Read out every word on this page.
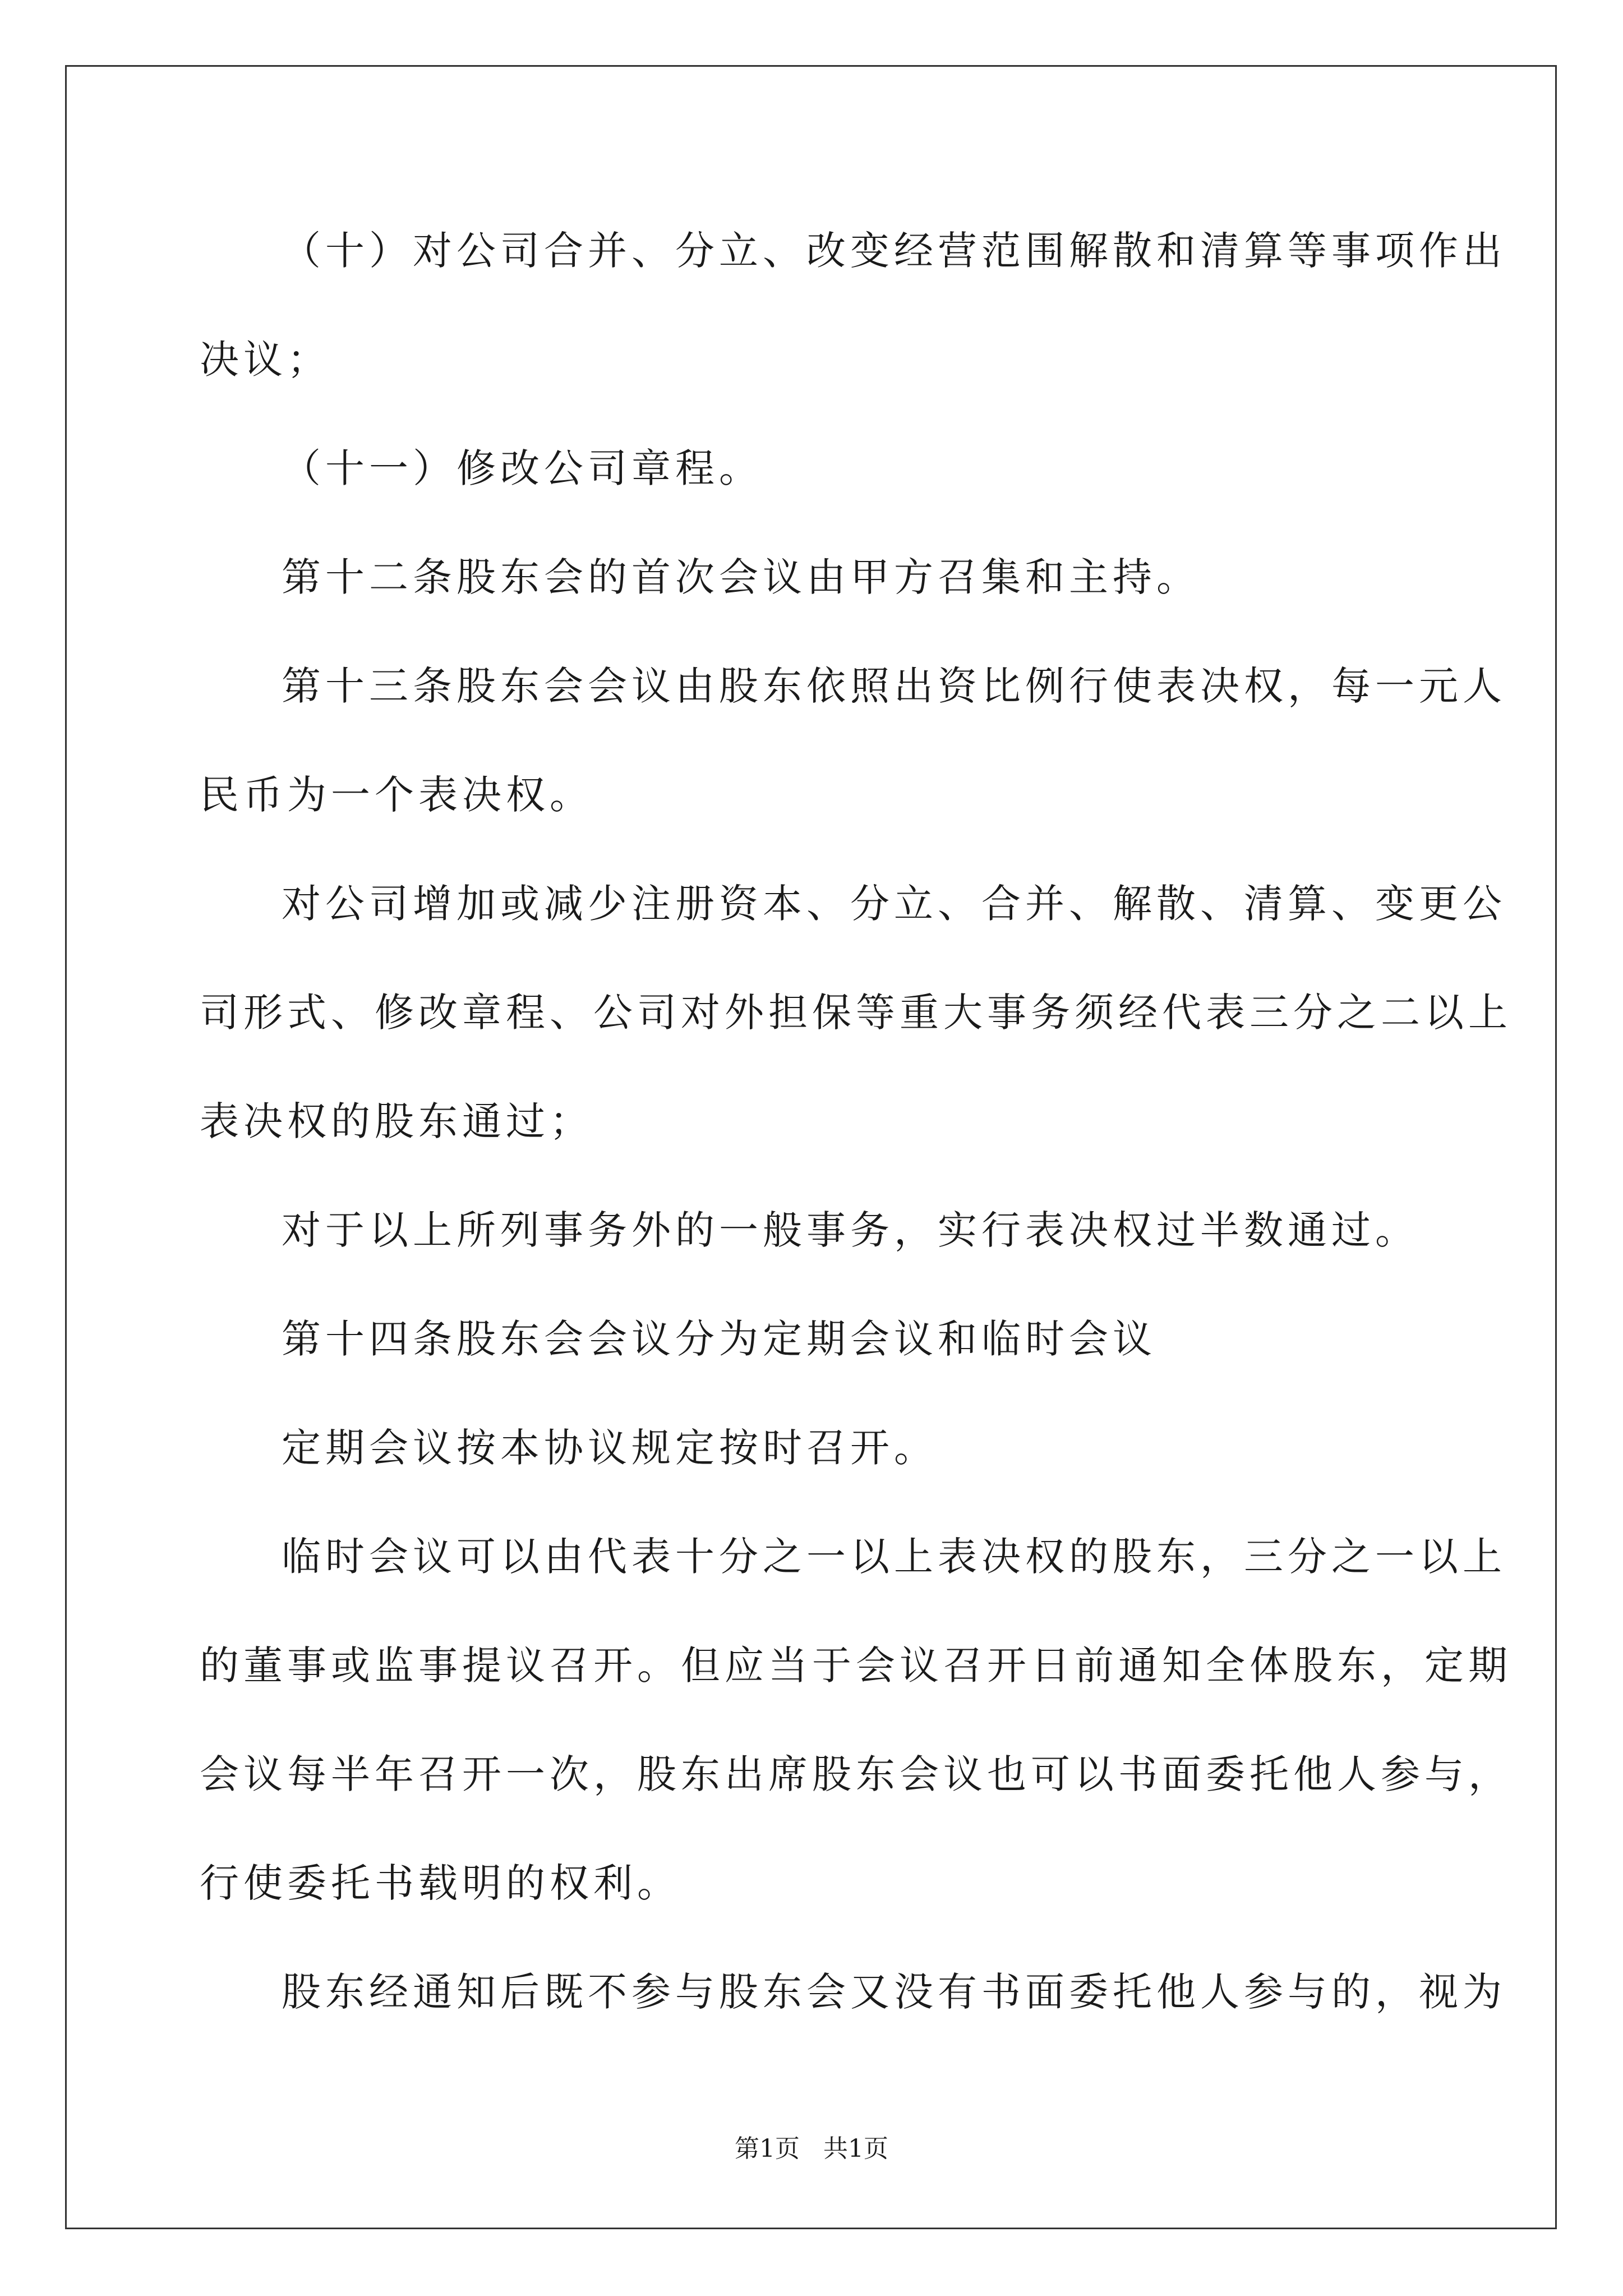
（十）对公司合并、分立、改变经营范围解散和清算等事项作出

决议；

（十一）修改公司章程。

第十二条股东会的首次会议由甲方召集和主持。

第十三条股东会会议由股东依照出资比例行使表决权，每一元人

民币为一个表决权。

对公司增加或减少注册资本、分立、合并、解散、清算、变更公

司形式、修改章程、公司对外担保等重大事务须经代表三分之二以上

表决权的股东通过；

对于以上所列事务外的一般事务，实行表决权过半数通过。

第十四条股东会会议分为定期会议和临时会议

定期会议按本协议规定按时召开。

临时会议可以由代表十分之一以上表决权的股东，三分之一以上

的董事或监事提议召开。但应当于会议召开日前通知全体股东，定期

会议每半年召开一次，股东出席股东会议也可以书面委托他人参与，

行使委托书载明的权利。

股东经通知后既不参与股东会又没有书面委托他人参与的，视为

第1页 共1页
